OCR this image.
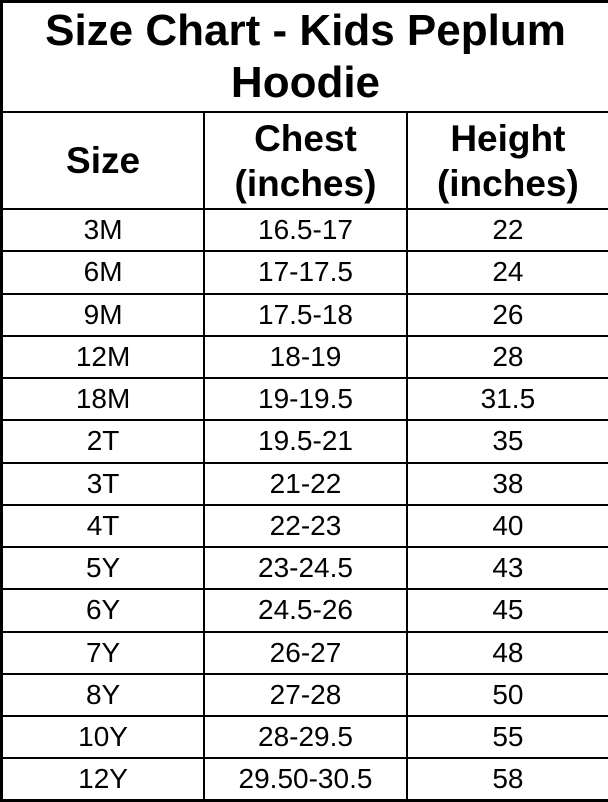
Size Chart - Kids Peplum Hoodie		
Size	Chest (inches)	Height (inches)
3M	16.5-17	22
6M	17-17.5	24
9M	17.5-18	26
12M	18-19	28
18M	19-19.5	31.5
2T	19.5-21	35
3T	21-22	38
4T	22-23	40
5Y	23-24.5	43
6Y	24.5-26	45
7Y	26-27	48
8Y	27-28	50
10Y	28-29.5	55
12Y	29.50-30.5	58
